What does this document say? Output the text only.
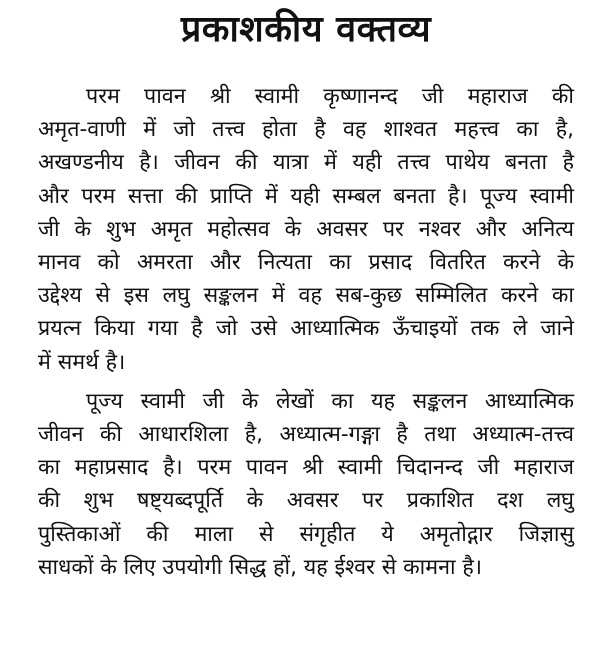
प्रकाशकीय वक्तव्य
परम पावन श्री स्वामी कृष्णानन्द जी महाराज की
अमृत-वाणी में जो तत्त्व होता है वह शाश्वत महत्त्व का है,
अखण्डनीय है। जीवन की यात्रा में यही तत्त्व पाथेय बनता है
और परम सत्ता की प्राप्ति में यही सम्बल बनता है। पूज्य स्वामी
जी के शुभ अमृत महोत्सव के अवसर पर नश्वर और अनित्य
मानव को अमरता और नित्यता का प्रसाद वितरित करने के
उद्देश्य से इस लघु सङ्कलन में वह सब-कुछ सम्मिलित करने का
प्रयत्न किया गया है जो उसे आध्यात्मिक ऊँचाइयों तक ले जाने
में समर्थ है।
पूज्य स्वामी जी के लेखों का यह सङ्कलन आध्यात्मिक
जीवन की आधारशिला है, अध्यात्म-गङ्गा है तथा अध्यात्म-तत्त्व
का महाप्रसाद है। परम पावन श्री स्वामी चिदानन्द जी महाराज
की शुभ षष्ट्यब्दपूर्ति के अवसर पर प्रकाशित दश लघु
पुस्तिकाओं की माला से संगृहीत ये अमृतोद्गार जिज्ञासु
साधकों के लिए उपयोगी सिद्ध हों, यह ईश्वर से कामना है।
